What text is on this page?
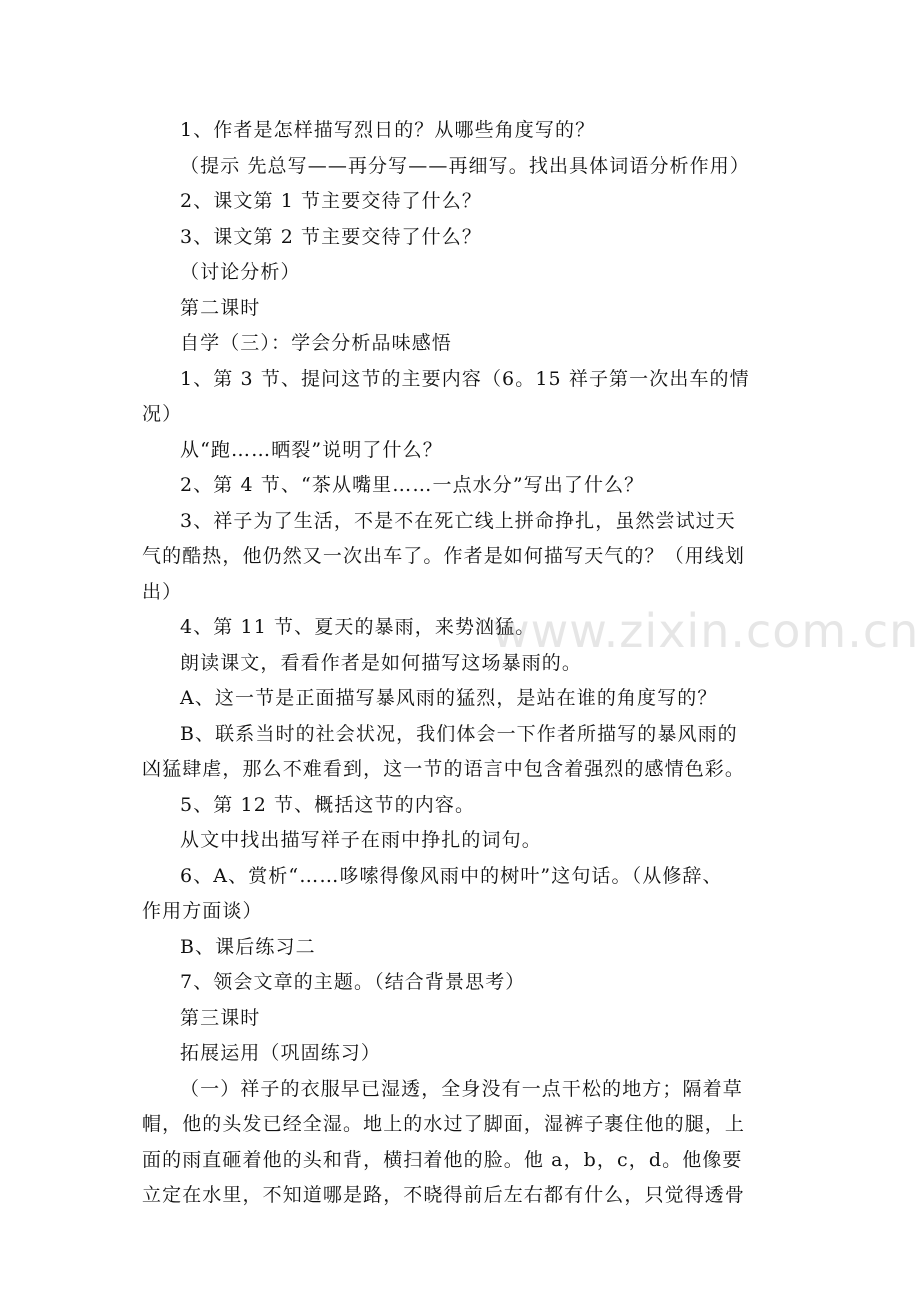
www.zixin.com.cn
1、作者是怎样描写烈日的？从哪些角度写的？
（提示 先总写——再分写——再细写。找出具体词语分析作用）
2、课文第 1 节主要交待了什么？
3、课文第 2 节主要交待了什么？
（讨论分析）
第二课时
自学（三）：学会分析品味感悟
1、第 3 节、提问这节的主要内容（6。15 祥子第一次出车的情
况）
从“跑……晒裂”说明了什么？
2、第 4 节、“茶从嘴里……一点水分”写出了什么？
3、祥子为了生活，不是不在死亡线上拼命挣扎，虽然尝试过天
气的酷热，他仍然又一次出车了。作者是如何描写天气的？（用线划
出）
4、第 11 节、夏天的暴雨，来势汹猛。
朗读课文，看看作者是如何描写这场暴雨的。
A、这一节是正面描写暴风雨的猛烈，是站在谁的角度写的？
B、联系当时的社会状况，我们体会一下作者所描写的暴风雨的
凶猛肆虐，那么不难看到，这一节的语言中包含着强烈的感情色彩。
5、第 12 节、概括这节的内容。
从文中找出描写祥子在雨中挣扎的词句。
6、A、赏析“……哆嗦得像风雨中的树叶”这句话。（从修辞、
作用方面谈）
B、课后练习二
7、领会文章的主题。（结合背景思考）
第三课时
拓展运用（巩固练习）
（一）祥子的衣服早已湿透，全身没有一点干松的地方；隔着草
帽，他的头发已经全湿。地上的水过了脚面，湿裤子裹住他的腿，上
面的雨直砸着他的头和背，横扫着他的脸。他 a，b，c，d。他像要
立定在水里，不知道哪是路，不晓得前后左右都有什么，只觉得透骨
